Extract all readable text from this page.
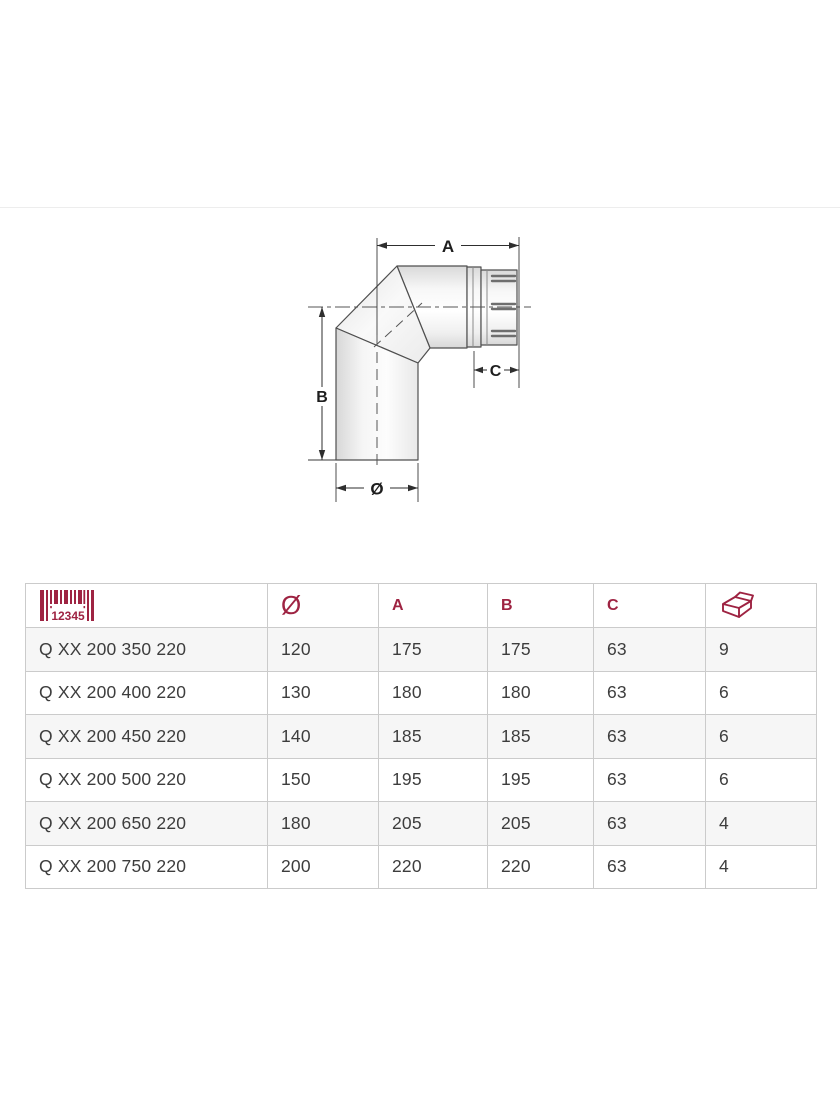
A
B
Ø
C
12345	Ø	A	B	C	
Q XX 200 350 220	120	175	175	63	9
Q XX 200 400 220	130	180	180	63	6
Q XX 200 450 220	140	185	185	63	6
Q XX 200 500 220	150	195	195	63	6
Q XX 200 650 220	180	205	205	63	4
Q XX 200 750 220	200	220	220	63	4
